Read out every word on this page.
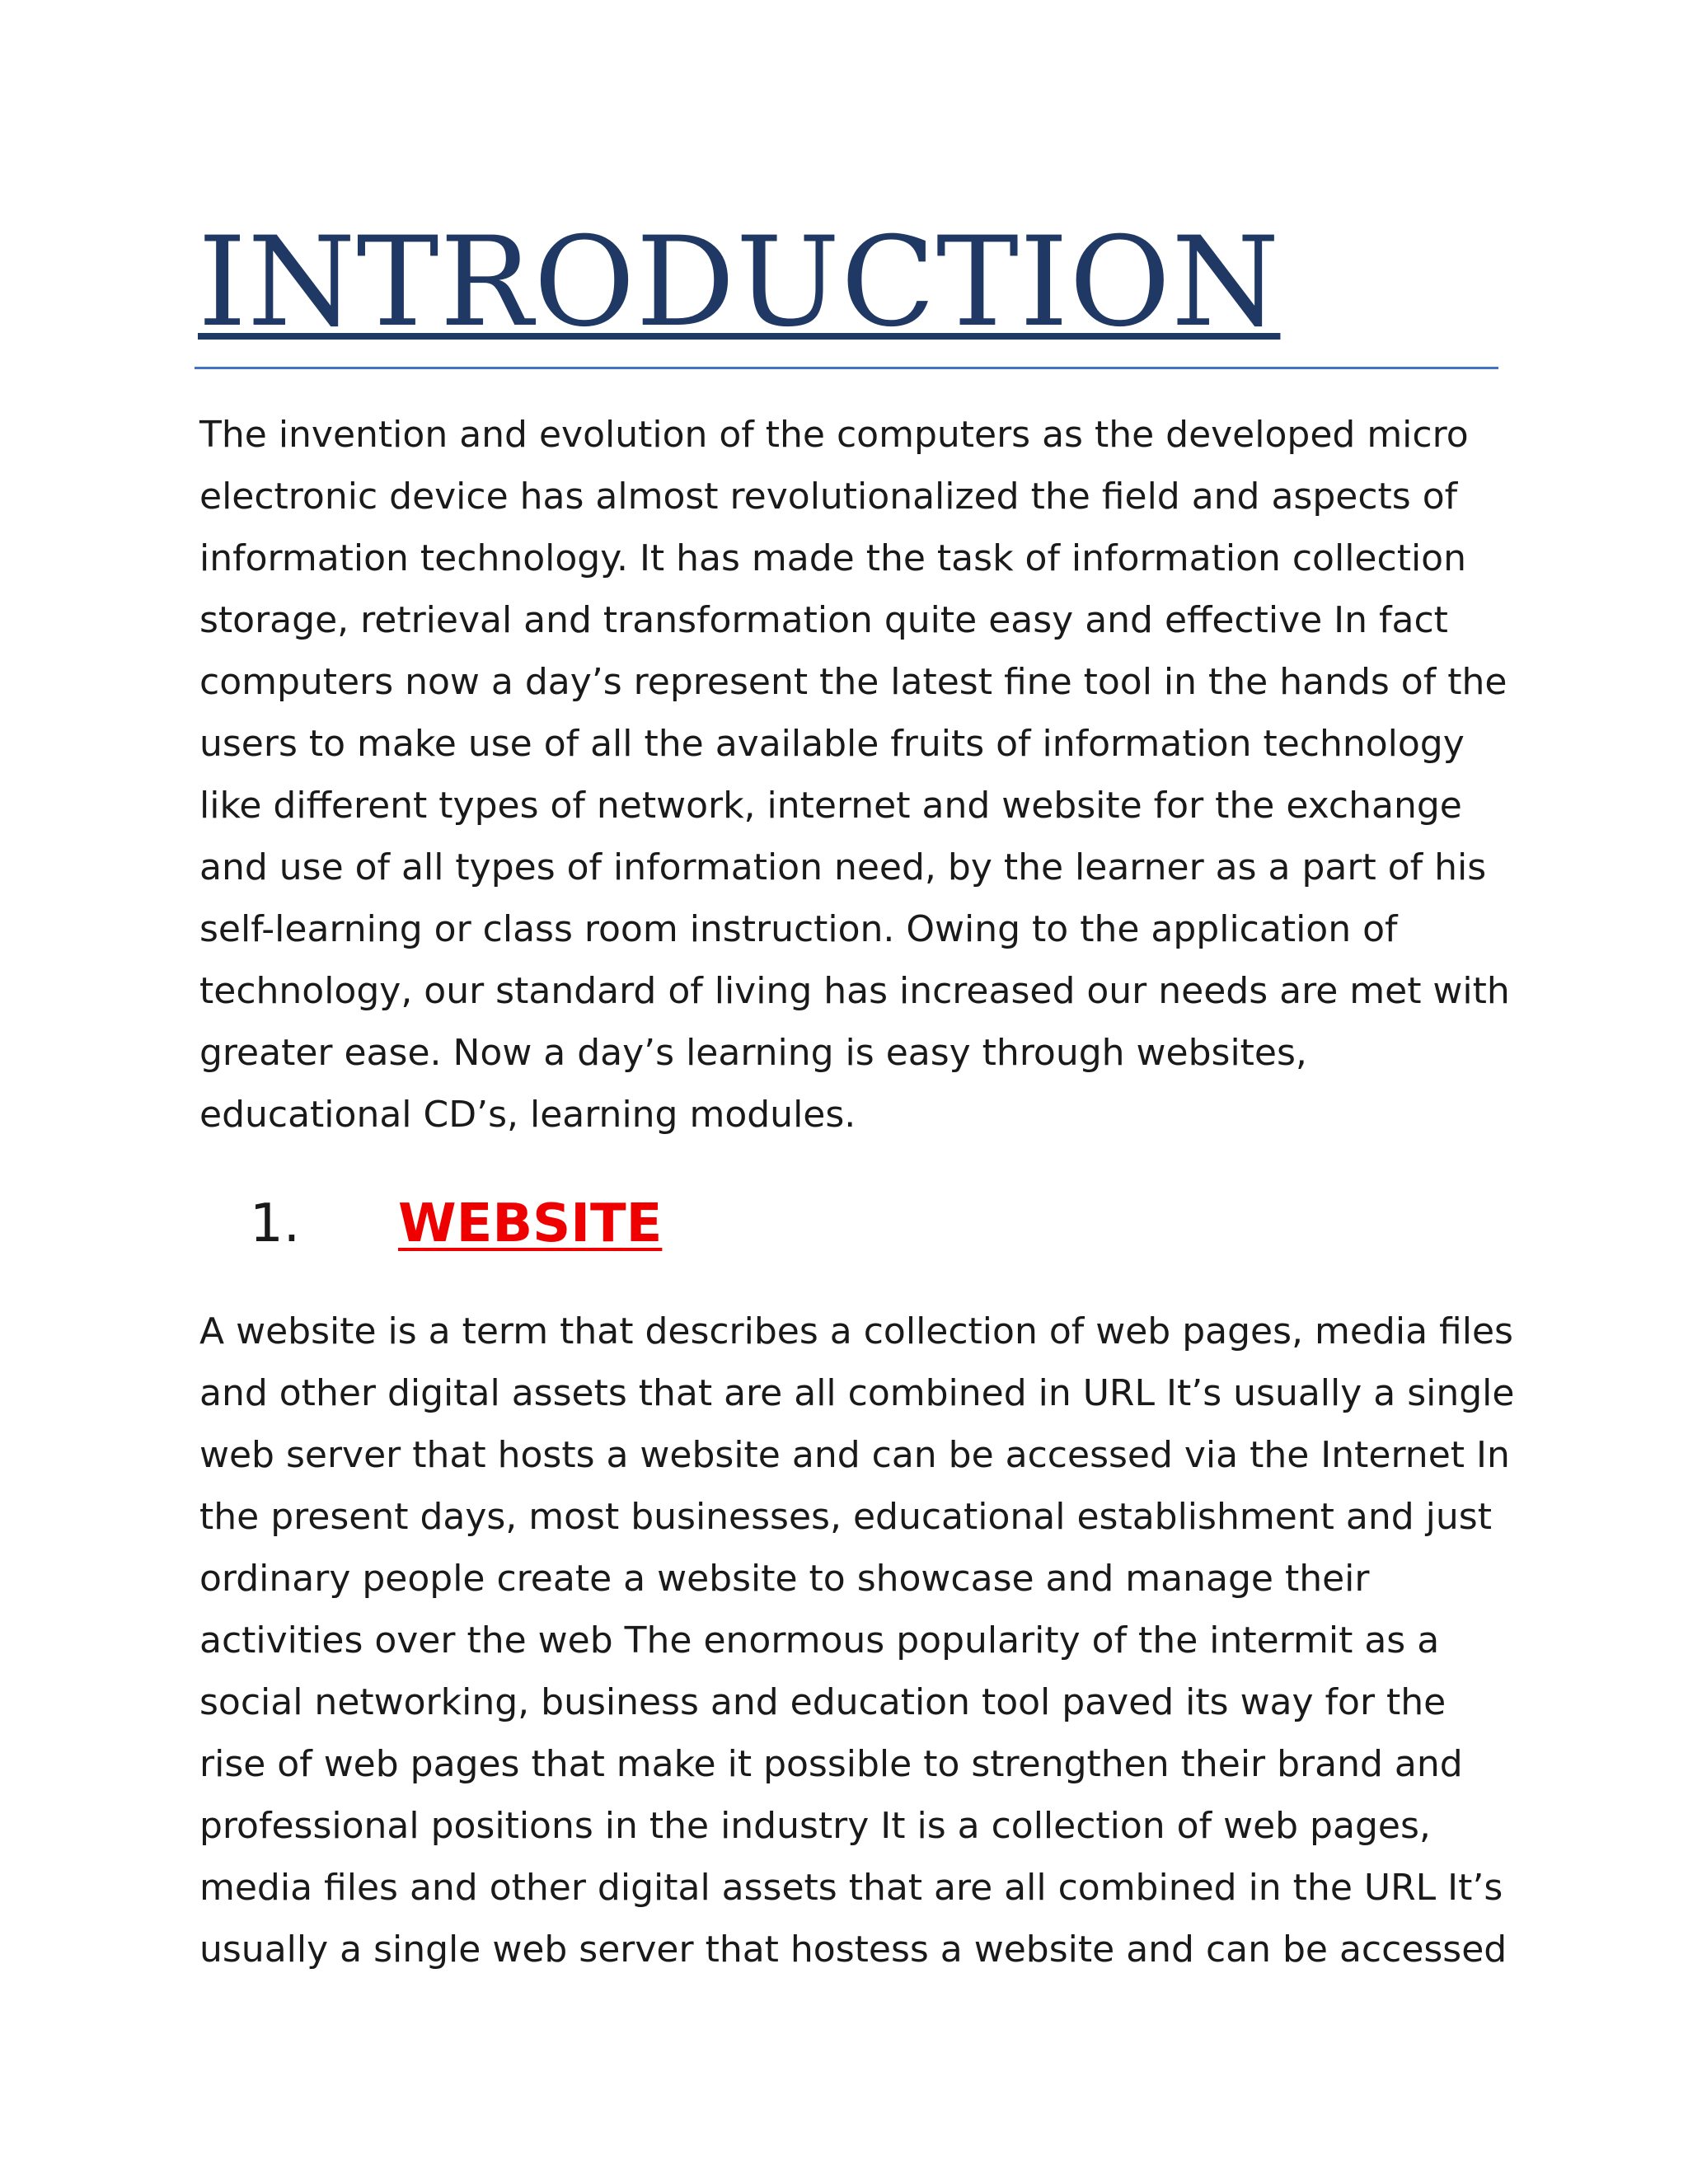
INTRODUCTION

The invention and evolution of the computers as the developed micro
electronic device has almost revolutionalized the field and aspects of
information technology. It has made the task of information collection
storage, retrieval and transformation quite easy and effective In fact
computers now a day’s represent the latest fine tool in the hands of the
users to make use of all the available fruits of information technology
like different types of network, internet and website for the exchange
and use of all types of information need, by the learner as a part of his
self-learning or class room instruction. Owing to the application of
technology, our standard of living has increased our needs are met with
greater ease. Now a day’s learning is easy through websites,
educational CD’s, learning modules.

1. WEBSITE

A website is a term that describes a collection of web pages, media files
and other digital assets that are all combined in URL It’s usually a single
web server that hosts a website and can be accessed via the Internet In
the present days, most businesses, educational establishment and just
ordinary people create a website to showcase and manage their
activities over the web The enormous popularity of the intermit as a
social networking, business and education tool paved its way for the
rise of web pages that make it possible to strengthen their brand and
professional positions in the industry It is a collection of web pages,
media files and other digital assets that are all combined in the URL It’s
usually a single web server that hostess a website and can be accessed
